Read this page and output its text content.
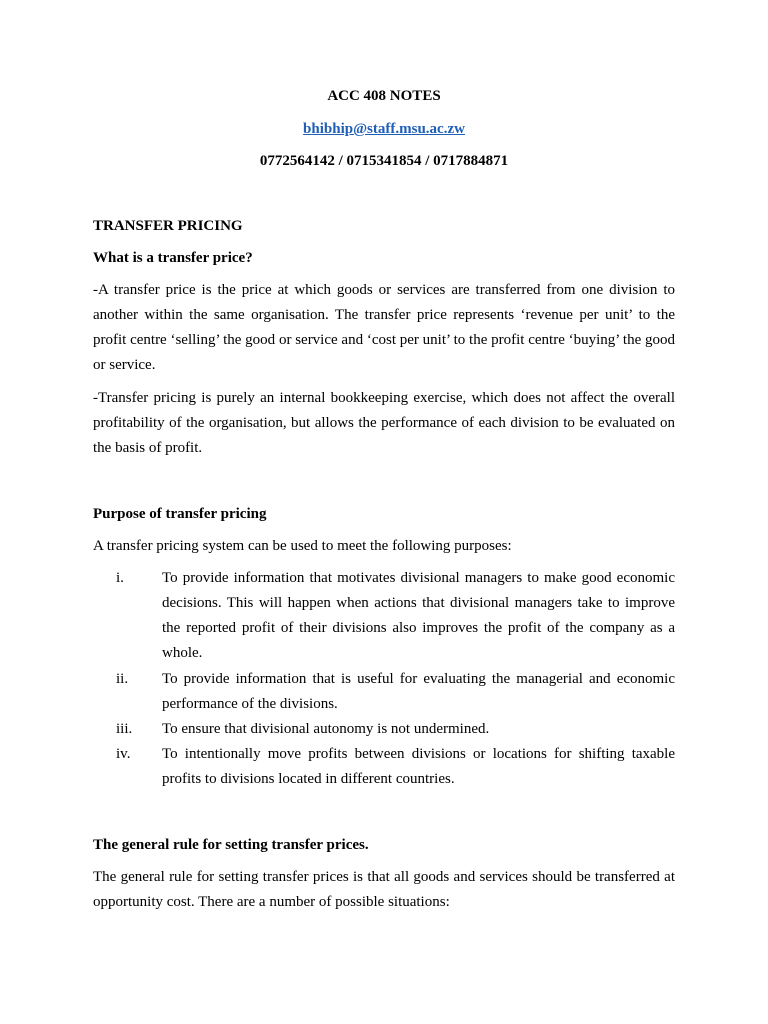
ACC 408 NOTES
bhibhip@staff.msu.ac.zw
0772564142 / 0715341854 / 0717884871
TRANSFER PRICING
What is a transfer price?
-A transfer price is the price at which goods or services are transferred from one division to another within the same organisation. The transfer price represents ‘revenue per unit’ to the profit centre ‘selling’ the good or service and ‘cost per unit’ to the profit centre ‘buying’ the good or service.
-Transfer pricing is purely an internal bookkeeping exercise, which does not affect the overall profitability of the organisation, but allows the performance of each division to be evaluated on the basis of profit.
Purpose of transfer pricing
A transfer pricing system can be used to meet the following purposes:
i.	To provide information that motivates divisional managers to make good economic decisions. This will happen when actions that divisional managers take to improve the reported profit of their divisions also improves the profit of the company as a whole.
ii. To provide information that is useful for evaluating the managerial and economic performance of the divisions.
iii. To ensure that divisional autonomy is not undermined.
iv. To intentionally move profits between divisions or locations for shifting taxable profits to divisions located in different countries.
The general rule for setting transfer prices.
The general rule for setting transfer prices is that all goods and services should be transferred at opportunity cost. There are a number of possible situations:
